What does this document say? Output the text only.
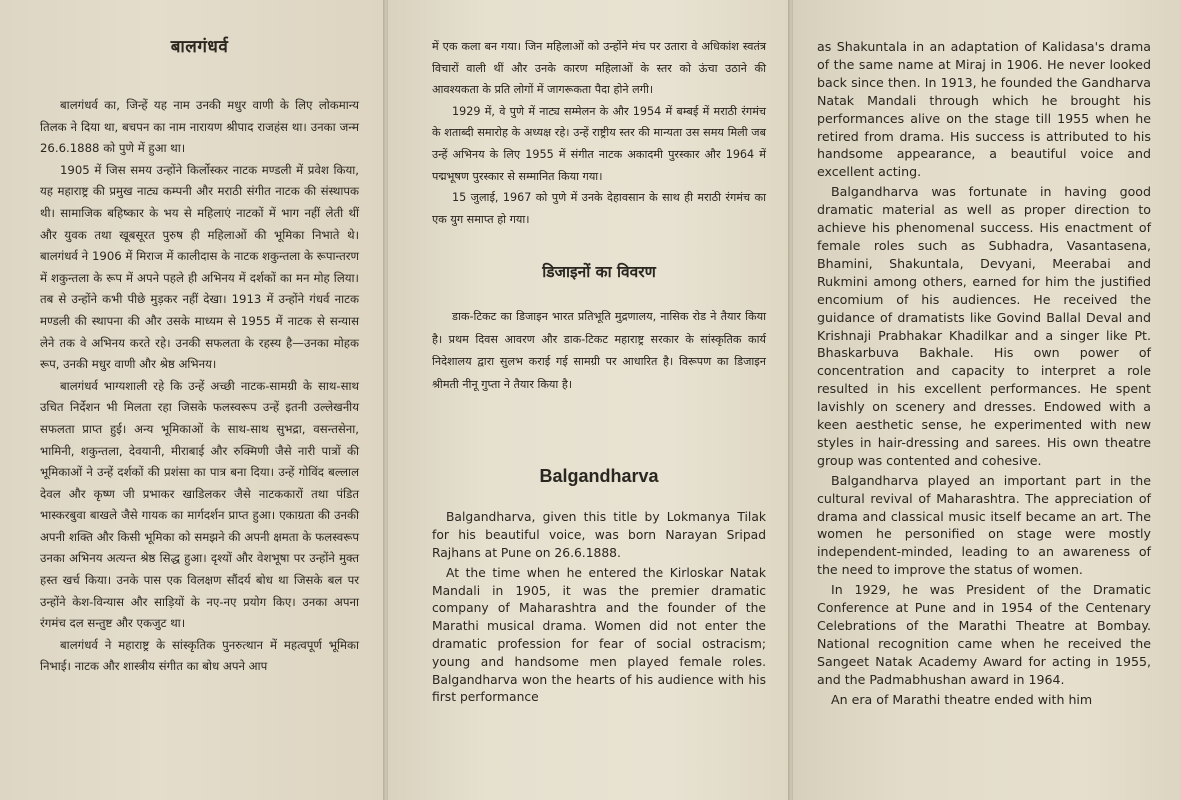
बालगंधर्व

बालगंधर्व का, जिन्हें यह नाम उनकी मधुर वाणी के लिए लोकमान्य तिलक ने दिया था, बचपन का नाम नारायण श्रीपाद राजहंस था। उनका जन्म 26.6.1888 को पुणे में हुआ था।

1905 में जिस समय उन्होंने किर्लोस्कर नाटक मण्डली में प्रवेश किया, यह महाराष्ट्र की प्रमुख नाट्य कम्पनी और मराठी संगीत नाटक की संस्थापक थी। सामाजिक बहिष्कार के भय से महिलाएं नाटकों में भाग नहीं लेती थीं और युवक तथा खूबसूरत पुरुष ही महिलाओं की भूमिका निभाते थे। बालगंधर्व ने 1906 में मिराज में कालीदास के नाटक शकुन्तला के रूपान्तरण में शकुन्तला के रूप में अपने पहले ही अभिनय में दर्शकों का मन मोह लिया। तब से उन्होंने कभी पीछे मुड़कर नहीं देखा। 1913 में उन्होंने गंधर्व नाटक मण्डली की स्थापना की और उसके माध्यम से 1955 में नाटक से सन्यास लेने तक वे अभिनय करते रहे। उनकी सफलता के रहस्य है—उनका मोहक रूप, उनकी मधुर वाणी और श्रेष्ठ अभिनय।

बालगंधर्व भाग्यशाली रहे कि उन्हें अच्छी नाटक-सामग्री के साथ-साथ उचित निर्देशन भी मिलता रहा जिसके फलस्वरूप उन्हें इतनी उल्लेखनीय सफलता प्राप्त हुई। अन्य भूमिकाओं के साथ-साथ सुभद्रा, वसन्तसेना, भामिनी, शकुन्तला, देवयानी, मीराबाई और रुक्मिणी जैसे नारी पात्रों की भूमिकाओं ने उन्हें दर्शकों की प्रशंसा का पात्र बना दिया। उन्हें गोविंद बल्लाल देवल और कृष्ण जी प्रभाकर खाडिलकर जैसे नाटककारों तथा पंडित भास्करबुवा बाखले जैसे गायक का मार्गदर्शन प्राप्त हुआ। एकाग्रता की उनकी अपनी शक्ति और किसी भूमिका को समझने की अपनी क्षमता के फलस्वरूप उनका अभिनय अत्यन्त श्रेष्ठ सिद्ध हुआ। दृश्यों और वेशभूषा पर उन्होंने मुक्त हस्त खर्च किया। उनके पास एक विलक्षण सौंदर्य बोध था जिसके बल पर उन्होंने केश-विन्यास और साड़ियों के नए-नए प्रयोग किए। उनका अपना रंगमंच दल सन्तुष्ट और एकजुट था।

बालगंधर्व ने महाराष्ट्र के सांस्कृतिक पुनरुत्थान में महत्वपूर्ण भूमिका निभाई। नाटक और शास्त्रीय संगीत का बोध अपने आप

में एक कला बन गया। जिन महिलाओं को उन्होंने मंच पर उतारा वे अधिकांश स्वतंत्र विचारों वाली थीं और उनके कारण महिलाओं के स्तर को ऊंचा उठाने की आवश्यकता के प्रति लोगों में जागरूकता पैदा होने लगी।

1929 में, वे पुणे में नाट्य सम्मेलन के और 1954 में बम्बई में मराठी रंगमंच के शताब्दी समारोह के अध्यक्ष रहे। उन्हें राष्ट्रीय स्तर की मान्यता उस समय मिली जब उन्हें अभिनय के लिए 1955 में संगीत नाटक अकादमी पुरस्कार और 1964 में पद्मभूषण पुरस्कार से सम्मानित किया गया।

15 जुलाई, 1967 को पुणे में उनके देहावसान के साथ ही मराठी रंगमंच का एक युग समाप्त हो गया।

डिजाइनों का विवरण

डाक-टिकट का डिजाइन भारत प्रतिभूति मुद्रणालय, नासिक रोड ने तैयार किया है। प्रथम दिवस आवरण और डाक-टिकट महाराष्ट्र सरकार के सांस्कृतिक कार्य निदेशालय द्वारा सुलभ कराई गई सामग्री पर आधारित है। विरूपण का डिजाइन श्रीमती नीनू गुप्ता ने तैयार किया है।

Balgandharva

Balgandharva, given this title by Lokmanya Tilak for his beautiful voice, was born Narayan Sripad Rajhans at Pune on 26.6.1888.

At the time when he entered the Kirloskar Natak Mandali in 1905, it was the premier dramatic company of Maharashtra and the founder of the Marathi musical drama. Women did not enter the dramatic profession for fear of social ostracism; young and handsome men played female roles. Balgandharva won the hearts of his audience with his first performance

as Shakuntala in an adaptation of Kalidasa's drama of the same name at Miraj in 1906. He never looked back since then. In 1913, he founded the Gandharva Natak Mandali through which he brought his performances alive on the stage till 1955 when he retired from drama. His success is attributed to his handsome appearance, a beautiful voice and excellent acting.

Balgandharva was fortunate in having good dramatic material as well as proper direction to achieve his phenomenal success. His enactment of female roles such as Subhadra, Vasantasena, Bhamini, Shakuntala, Devyani, Meerabai and Rukmini among others, earned for him the justified encomium of his audiences. He received the guidance of dramatists like Govind Ballal Deval and Krishnaji Prabhakar Khadilkar and a singer like Pt. Bhaskarbuva Bakhale. His own power of concentration and capacity to interpret a role resulted in his excellent performances. He spent lavishly on scenery and dresses. Endowed with a keen aesthetic sense, he experimented with new styles in hair-dressing and sarees. His own theatre group was contented and cohesive.

Balgandharva played an important part in the cultural revival of Maharashtra. The appreciation of drama and classical music itself became an art. The women he personified on stage were mostly independent-minded, leading to an awareness of the need to improve the status of women.

In 1929, he was President of the Dramatic Conference at Pune and in 1954 of the Centenary Celebrations of the Marathi Theatre at Bombay. National recognition came when he received the Sangeet Natak Academy Award for acting in 1955, and the Padmabhushan award in 1964.

An era of Marathi theatre ended with him
